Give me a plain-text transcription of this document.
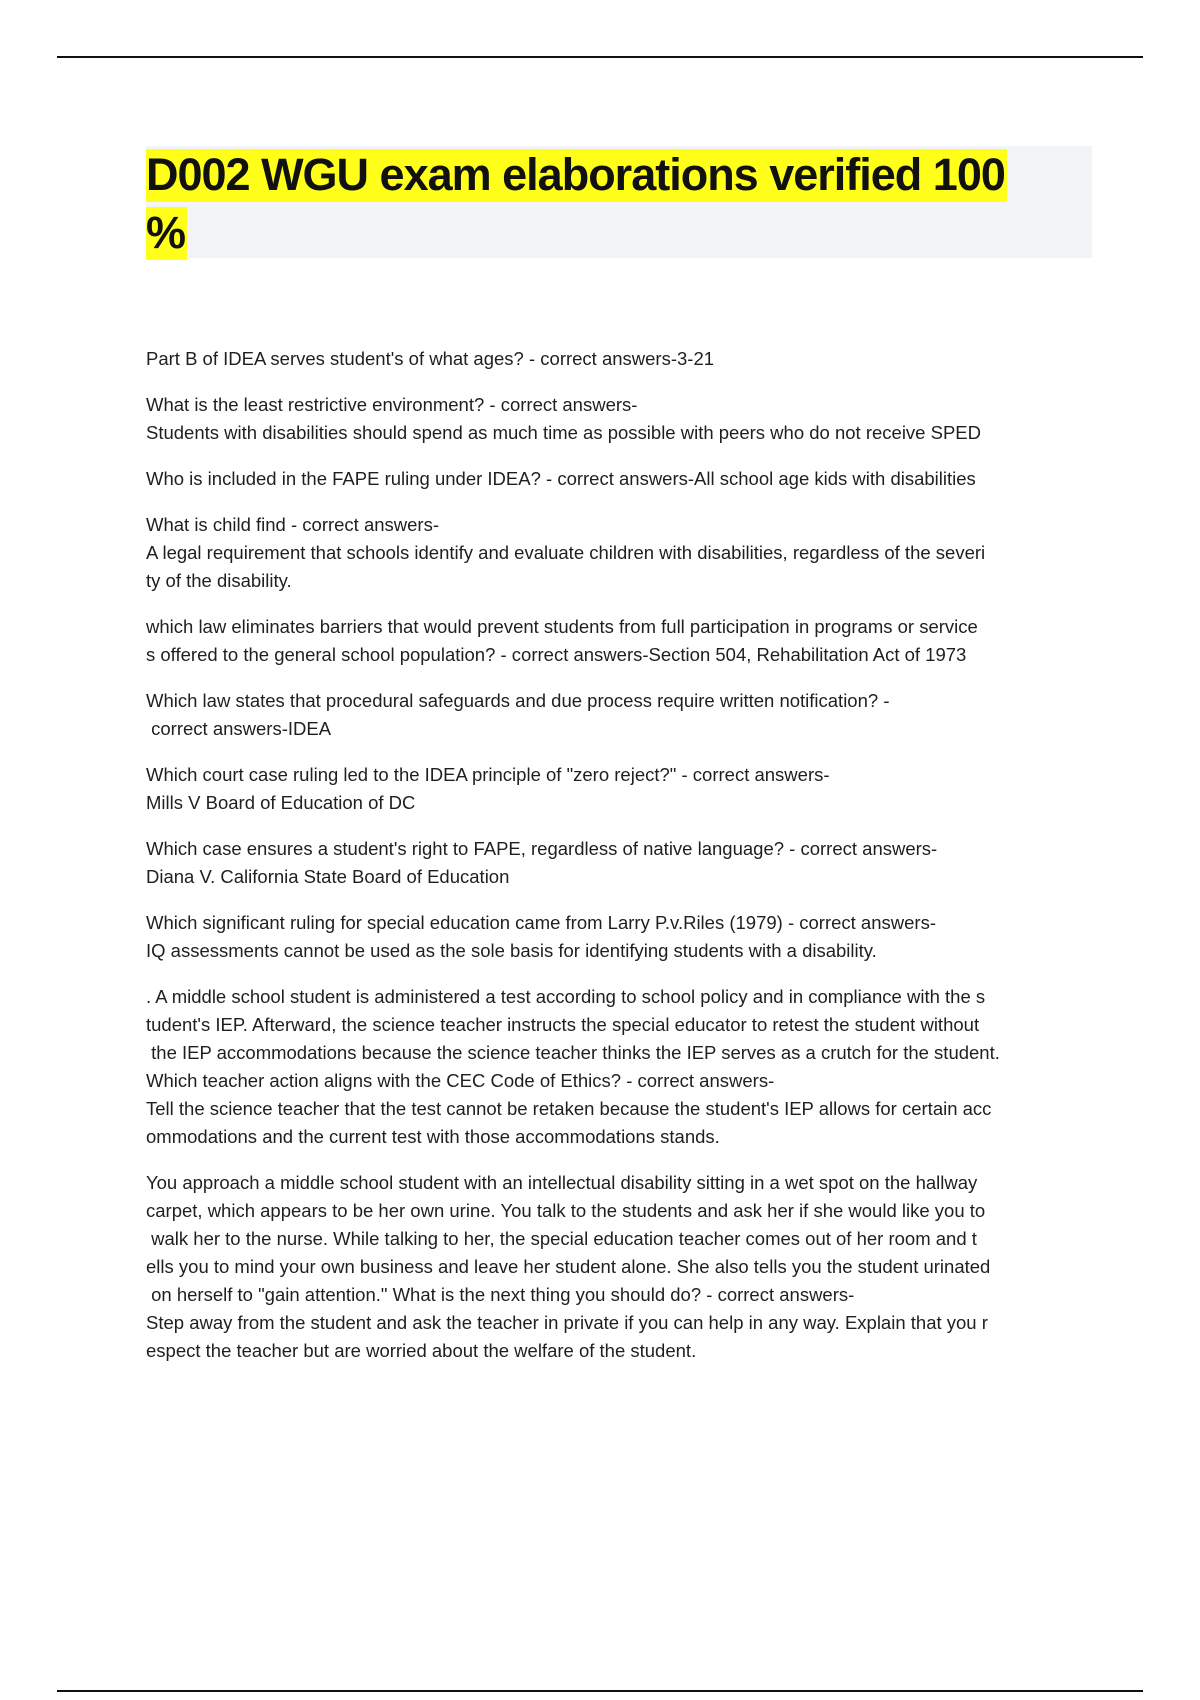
D002 WGU exam elaborations verified 100
%
Part B of IDEA serves student's of what ages? - correct answers-3-21
What is the least restrictive environment? - correct answers-
Students with disabilities should spend as much time as possible with peers who do not receive SPED
Who is included in the FAPE ruling under IDEA? - correct answers-All school age kids with disabilities
What is child find - correct answers-
A legal requirement that schools identify and evaluate children with disabilities, regardless of the severi
ty of the disability.
which law eliminates barriers that would prevent students from full participation in programs or service
s offered to the general school population? - correct answers-Section 504, Rehabilitation Act of 1973
Which law states that procedural safeguards and due process require written notification? -
correct answers-IDEA
Which court case ruling led to the IDEA principle of "zero reject?" - correct answers-
Mills V Board of Education of DC
Which case ensures a student's right to FAPE, regardless of native language? - correct answers-
Diana V. California State Board of Education
Which significant ruling for special education came from Larry P.v.Riles (1979) - correct answers-
IQ assessments cannot be used as the sole basis for identifying students with a disability.
. A middle school student is administered a test according to school policy and in compliance with the s
tudent's IEP. Afterward, the science teacher instructs the special educator to retest the student without
the IEP accommodations because the science teacher thinks the IEP serves as a crutch for the student.
Which teacher action aligns with the CEC Code of Ethics? - correct answers-
Tell the science teacher that the test cannot be retaken because the student's IEP allows for certain acc
ommodations and the current test with those accommodations stands.
You approach a middle school student with an intellectual disability sitting in a wet spot on the hallway
carpet, which appears to be her own urine. You talk to the students and ask her if she would like you to
walk her to the nurse. While talking to her, the special education teacher comes out of her room and t
ells you to mind your own business and leave her student alone. She also tells you the student urinated
on herself to "gain attention." What is the next thing you should do? - correct answers-
Step away from the student and ask the teacher in private if you can help in any way. Explain that you r
espect the teacher but are worried about the welfare of the student.
